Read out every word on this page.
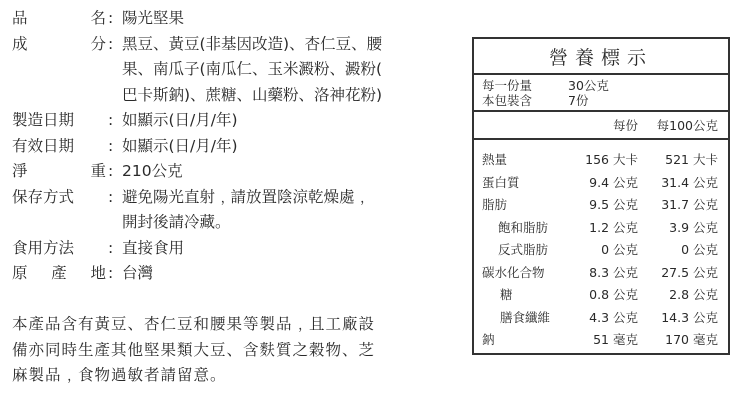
品	名 : 陽光堅果
成	分 : 黑豆、黃豆(非基因改造)、杏仁豆、腰
果、南瓜子(南瓜仁、玉米澱粉、澱粉(
巴卡斯鈉)、蔗糖、山藥粉、洛神花粉)
製造日期 : 如顯示(日/月/年)
有效日期 : 如顯示(日/月/年)
淨	重 : 210公克
保存方式 : 避免陽光直射﹐請放置陰涼乾燥處﹐
開封後請冷藏。
食用方法 : 直接食用
原 產 地 : 台灣
本產品含有黃豆、杏仁豆和腰果等製品﹐且工廠設
備亦同時生產其他堅果類大豆、含麩質之穀物、芝
麻製品﹐食物過敏者請留意。
營養標示
每一份量	30公克
本包裝含	7份
每份	每100公克
熱量	156 大卡	521 大卡
蛋白質	9.4 公克	31.4 公克
脂肪	9.5 公克	31.7 公克
飽和脂肪	1.2 公克	3.9 公克
反式脂肪	0 公克	0 公克
碳水化合物	8.3 公克	27.5 公克
糖	0.8 公克	2.8 公克
膳食纖維	4.3 公克	14.3 公克
鈉	51 毫克	170 毫克
